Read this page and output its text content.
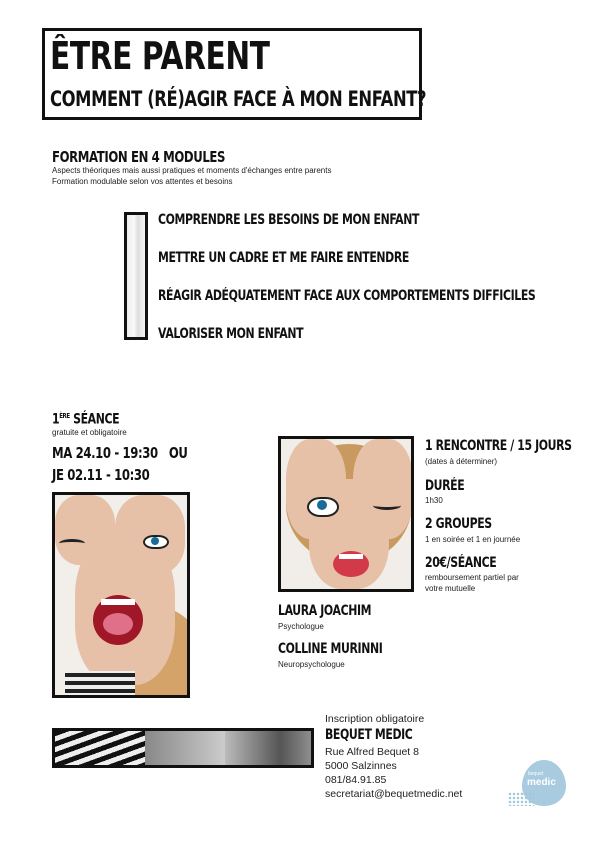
ÊTRE PARENT
COMMENT (RÉ)AGIR FACE À MON ENFANT?
FORMATION EN 4 MODULES
Aspects théoriques mais aussi pratiques et moments d'échanges entre parents
Formation modulable selon vos attentes et besoins
COMPRENDRE LES BESOINS DE MON ENFANT
METTRE UN CADRE ET ME FAIRE ENTENDRE
RÉAGIR ADÉQUATEMENT FACE AUX COMPORTEMENTS DIFFICILES
VALORISER MON ENFANT
1ÈRE SÉANCE
gratuite et obligatoire
MA 24.10 - 19:30 OU
JE 02.11 - 10:30
1 RENCONTRE / 15 JOURS
(dates à déterminer)
DURÉE
1h30
2 GROUPES
1 en soirée et 1 en journée
20€/SÉANCE
remboursement partiel par
votre mutuelle
LAURA JOACHIM
Psychologue
COLLINE MURINNI
Neuropsychologue
Inscription obligatoire
BEQUET MEDIC
Rue Alfred Bequet 8
5000 Salzinnes
081/84.91.85
secretariat@bequetmedic.net
bequet
medic
